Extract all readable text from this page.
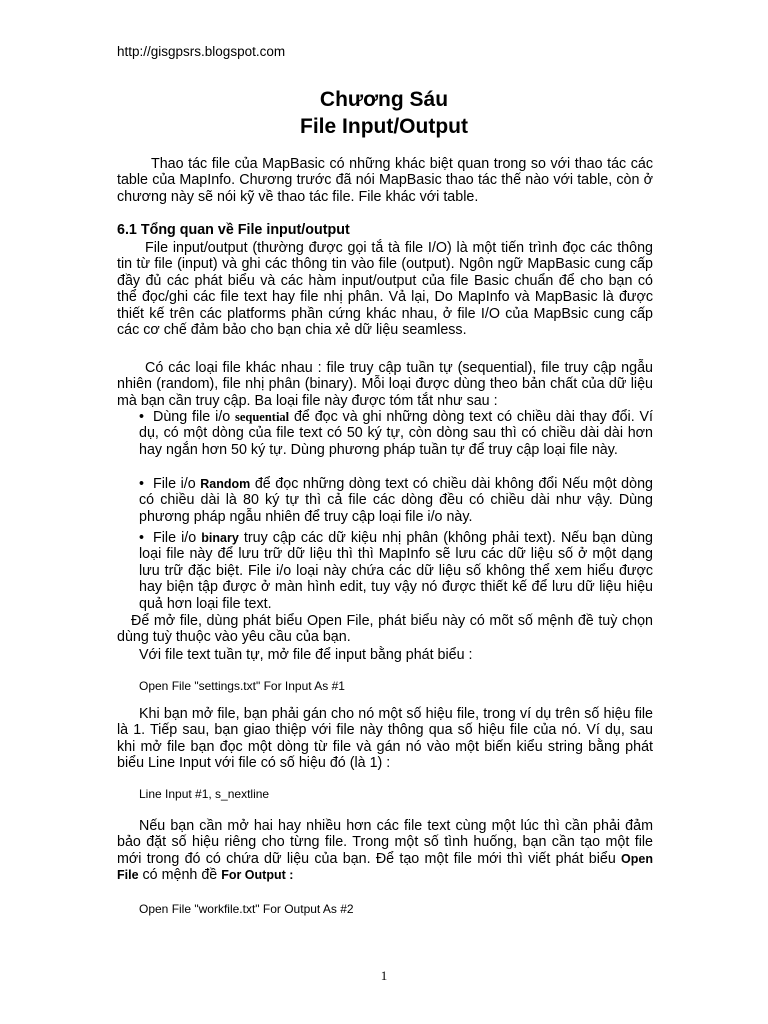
http://gisgpsrs.blogspot.com
Chương Sáu
File Input/Output
Thao tác file của MapBasic có những khác biệt quan trong so với thao tác các table của MapInfo. Chương trước đã nói MapBasic thao tác thế nào với table, còn ở chương này sẽ nói kỹ về thao tác file. File khác với table.
6.1 Tổng quan về File input/output
File input/output (thường được gọi tắ tà file I/O) là một tiến trình đọc các thông tin từ file (input) và ghi các thông tin vào file (output). Ngôn ngữ MapBasic cung cấp đầy đủ các phát biểu và các hàm input/output của file Basic chuẩn để cho bạn có thể đọc/ghi các file text hay file nhị phân. Vả lại, Do MapInfo và MapBasic là được thiết kế trên các platforms phần cứng khác nhau, ở file I/O của MapBsic cung cấp các cơ chế đảm bảo cho bạn chia xẻ dữ liệu seamless.
Có các loại file khác nhau : file truy cập tuần tự (sequential), file truy cập ngẫu nhiên (random), file nhị phân (binary). Mỗi loại được dùng theo bản chất của dữ liệu mà bạn cần truy cập. Ba loại file này được tóm tắt như sau :
• Dùng file i/o sequential để đọc và ghi những dòng text có chiều dài thay đổi. Ví dụ, có một dòng của file text có 50 ký tự, còn dòng sau thì có chiều dài dài hơn hay ngắn hơn 50 ký tự. Dùng phương pháp tuần tự để truy cập loại file này.
• File i/o Random để đọc những dòng text có chiều dài không đổi Nếu một dòng có chiều dài là 80 ký tự thì cả file các dòng đều có chiều dài như vậy. Dùng phương pháp ngẫu nhiên để truy cập loại file i/o này.
• File i/o binary truy cập các dữ kiệu nhị phân (không phải text). Nếu bạn dùng loại file này để lưu trữ dữ liệu thì thì MapInfo sẽ lưu các dữ liệu số ở một dạng lưu trữ đặc biệt. File i/o loại này chứa các dữ liệu số không thể xem hiểu được hay biện tập được ở màn hình edit, tuy vậy nó được thiết kế để lưu dữ liệu hiệu quả hơn loại file text.
Để mở file, dùng phát biểu Open File, phát biểu này có mõt số mệnh đề tuỳ chọn dùng tuỳ thuộc vào yêu cầu của bạn.
Với file text tuần tự, mở file để input bằng phát biểu :
Open File "settings.txt" For Input As #1
Khi bạn mở file, bạn phải gán cho nó một số hiệu file, trong ví dụ trên số hiệu file là 1. Tiếp sau, bạn giao thiệp với file này thông qua số hiệu file của nó. Ví dụ, sau khi mở file bạn đọc một dòng từ file và gán nó vào một biến kiểu string bằng phát biểu Line Input với file có số hiệu đó (là 1) :
Line Input #1, s_nextline
Nếu bạn cần mở hai hay nhiều hơn các file text cùng một lúc thì cần phải đảm bảo đặt số hiệu riêng cho từng file. Trong một số tình huống, bạn cần tạo một file mới trong đó có chứa dữ liệu của bạn. Để tạo một file mới thì viết phát biểu Open File có mệnh đề For Output :
Open File "workfile.txt" For Output As #2
1
